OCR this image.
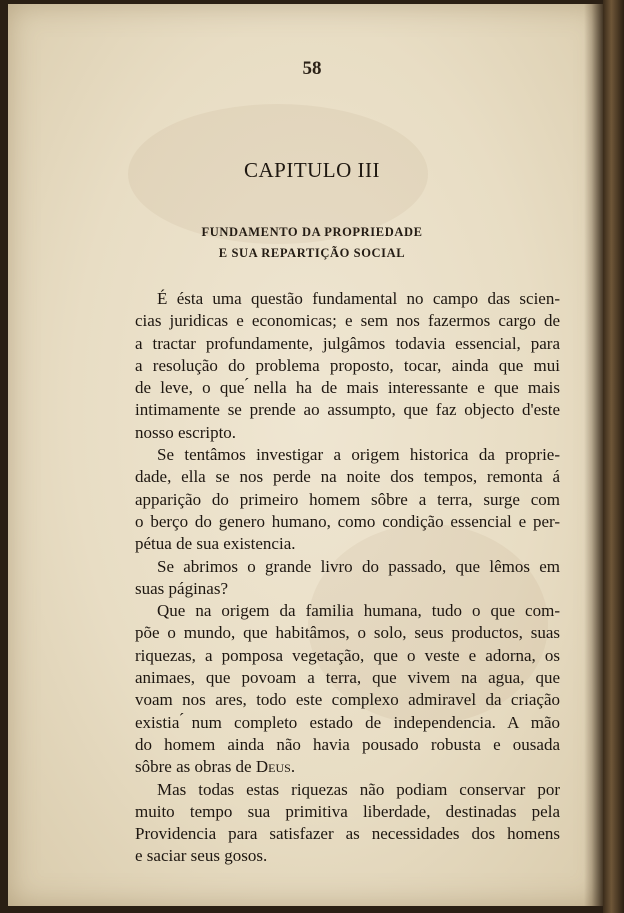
58
CAPITULO III
FUNDAMENTO DA PROPRIEDADE
E SUA REPARTIÇÃO SOCIAL
É ésta uma questão fundamental no campo das scien-
cias juridicas e economicas; e sem nos fazermos cargo de
a tractar profundamente, julgâmos todavia essencial, para
a resolução do problema proposto, tocar, ainda que mui
de leve, o que ́nella ha de mais interessante e que mais
intimamente se prende ao assumpto, que faz objecto d'este
nosso escripto.
Se tentâmos investigar a origem historica da proprie-
dade, ella se nos perde na noite dos tempos, remonta á
apparição do primeiro homem sôbre a terra, surge com
o berço do genero humano, como condição essencial e per-
pétua de sua existencia.
Se abrimos o grande livro do passado, que lêmos em
suas páginas?
Que na origem da familia humana, tudo o que com-
põe o mundo, que habitâmos, o solo, seus productos, suas
riquezas, a pomposa vegetação, que o veste e adorna, os
animaes, que povoam a terra, que vivem na agua, que
voam nos ares, todo este complexo admiravel da criação
existia ́num completo estado de independencia. A mão
do homem ainda não havia pousado robusta e ousada
sôbre as obras de Deus.
Mas todas estas riquezas não podiam conservar por
muito tempo sua primitiva liberdade, destinadas pela
Providencia para satisfazer as necessidades dos homens
e saciar seus gosos.
